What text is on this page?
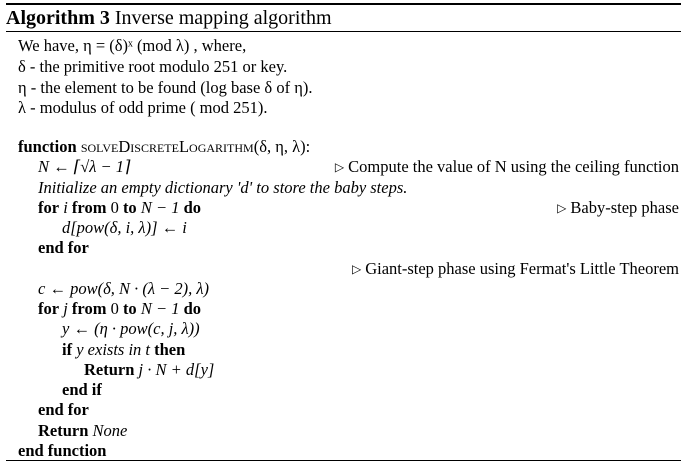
Algorithm 3 Inverse mapping algorithm
We have, η = (δ)ˣ (mod λ) , where,
δ - the primitive root modulo 251 or key.
η - the element to be found (log base δ of η).
λ - modulus of odd prime ( mod 251).
function solveDiscreteLogarithm(δ, η, λ):
N ← ⌈√λ − 1⌉	▷ Compute the value of N using the ceiling function
Initialize an empty dictionary 'd' to store the baby steps.
for i from 0 to N − 1 do	▷ Baby-step phase
d[pow(δ, i, λ)] ← i
end for
▷ Giant-step phase using Fermat's Little Theorem
c ← pow(δ, N · (λ − 2), λ)
for j from 0 to N − 1 do
y ← (η · pow(c, j, λ))
if y exists in t then
Return j · N + d[y]
end if
end for
Return None
end function
